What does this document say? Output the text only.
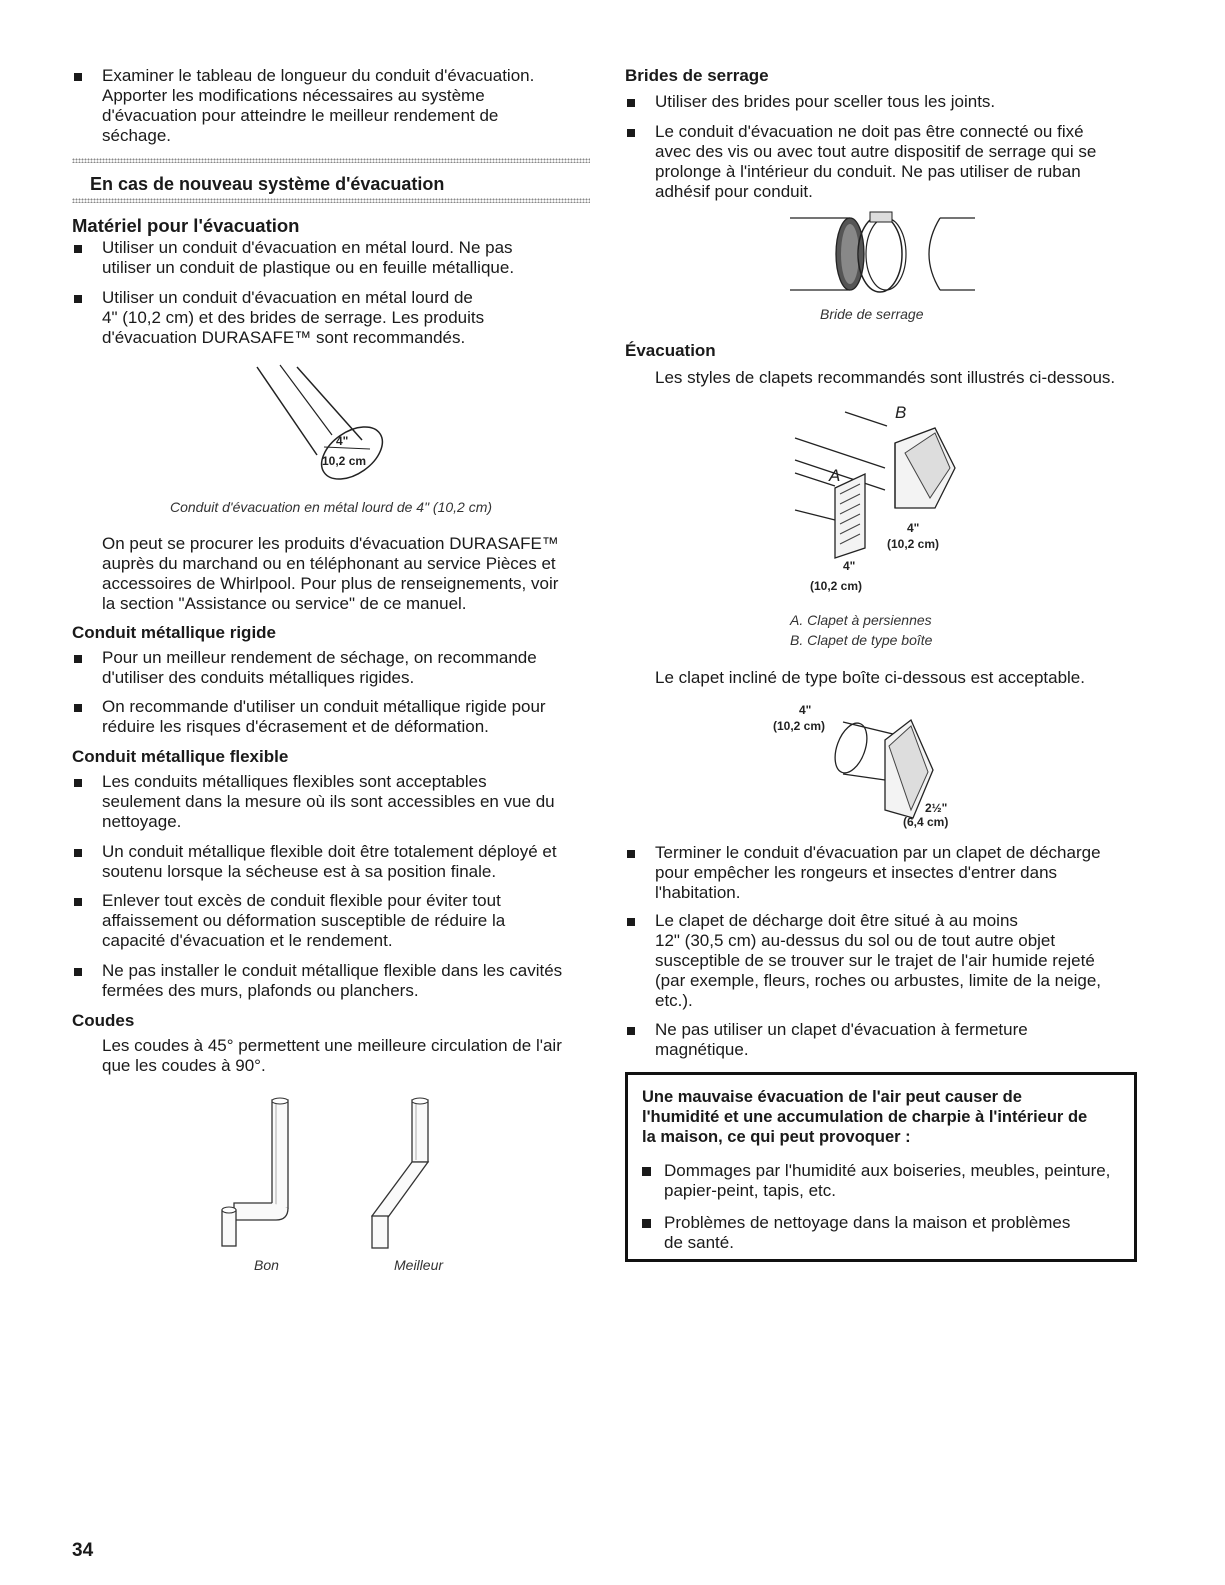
Examiner le tableau de longueur du conduit d'évacuation.
Apporter les modifications nécessaires au système
d'évacuation pour atteindre le meilleur rendement de
séchage.
En cas de nouveau système d'évacuation
Matériel pour l'évacuation
Utiliser un conduit d'évacuation en métal lourd. Ne pas
utiliser un conduit de plastique ou en feuille métallique.
Utiliser un conduit d'évacuation en métal lourd de
4" (10,2 cm) et des brides de serrage. Les produits
d'évacuation DURASAFE™ sont recommandés.
4"
10,2 cm
Conduit d'évacuation en métal lourd de 4" (10,2 cm)
On peut se procurer les produits d'évacuation DURASAFE™
auprès du marchand ou en téléphonant au service Pièces et
accessoires de Whirlpool. Pour plus de renseignements, voir
la section "Assistance ou service" de ce manuel.
Conduit métallique rigide
Pour un meilleur rendement de séchage, on recommande
d'utiliser des conduits métalliques rigides.
On recommande d'utiliser un conduit métallique rigide pour
réduire les risques d'écrasement et de déformation.
Conduit métallique flexible
Les conduits métalliques flexibles sont acceptables
seulement dans la mesure où ils sont accessibles en vue du
nettoyage.
Un conduit métallique flexible doit être totalement déployé et
soutenu lorsque la sécheuse est à sa position finale.
Enlever tout excès de conduit flexible pour éviter tout
affaissement ou déformation susceptible de réduire la
capacité d'évacuation et le rendement.
Ne pas installer le conduit métallique flexible dans les cavités
fermées des murs, plafonds ou planchers.
Coudes
Les coudes à 45° permettent une meilleure circulation de l'air
que les coudes à 90°.
Bon	Meilleur
Brides de serrage
Utiliser des brides pour sceller tous les joints.
Le conduit d'évacuation ne doit pas être connecté ou fixé
avec des vis ou avec tout autre dispositif de serrage qui se
prolonge à l'intérieur du conduit. Ne pas utiliser de ruban
adhésif pour conduit.
Bride de serrage
Évacuation
Les styles de clapets recommandés sont illustrés ci-dessous.
B
A
4"
(10,2 cm)
4"
(10,2 cm)
A. Clapet à persiennes
B. Clapet de type boîte
Le clapet incliné de type boîte ci-dessous est acceptable.
4"
(10,2 cm)
2½"
(6,4 cm)
Terminer le conduit d'évacuation par un clapet de décharge
pour empêcher les rongeurs et insectes d'entrer dans
l'habitation.
Le clapet de décharge doit être situé à au moins
12" (30,5 cm) au-dessus du sol ou de tout autre objet
susceptible de se trouver sur le trajet de l'air humide rejeté
(par exemple, fleurs, roches ou arbustes, limite de la neige,
etc.).
Ne pas utiliser un clapet d'évacuation à fermeture
magnétique.
Une mauvaise évacuation de l'air peut causer de
l'humidité et une accumulation de charpie à l'intérieur de
la maison, ce qui peut provoquer :
Dommages par l'humidité aux boiseries, meubles, peinture,
papier-peint, tapis, etc.
Problèmes de nettoyage dans la maison et problèmes
de santé.
34
